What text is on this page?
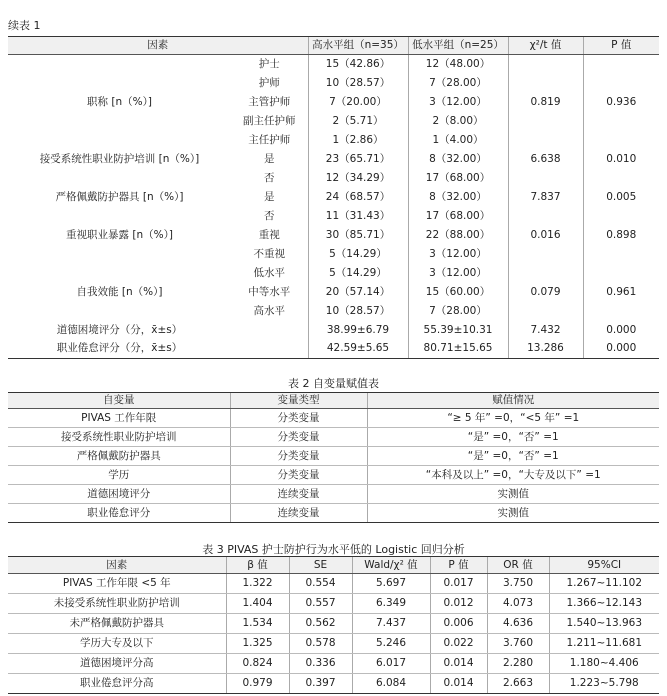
续表 1
因素		高水平组（n=35）	低水平组（n=25）	χ²/t 值	P 值
	护士	15（42.86）	12（48.00）		
	护师	10（28.57）	7（28.00）		
职称 [n（%）]	主管护师	7（20.00）	3（12.00）	0.819	0.936
	副主任护师	2（5.71）	2（8.00）		
	主任护师	1（2.86）	1（4.00）		
接受系统性职业防护培训 [n（%）]	是	23（65.71）	8（32.00）	6.638	0.010
	否	12（34.29）	17（68.00）		
严格佩戴防护器具 [n（%）]	是	24（68.57）	8（32.00）	7.837	0.005
	否	11（31.43）	17（68.00）		
重视职业暴露 [n（%）]	重视	30（85.71）	22（88.00）	0.016	0.898
	不重视	5（14.29）	3（12.00）		
	低水平	5（14.29）	3（12.00）		
自我效能 [n（%）]	中等水平	20（57.14）	15（60.00）	0.079	0.961
	高水平	10（28.57）	7（28.00）		
道德困境评分（分，x̄±s）		38.99±6.79	55.39±10.31	7.432	0.000
职业倦怠评分（分，x̄±s）		42.59±5.65	80.71±15.65	13.286	0.000
表 2 自变量赋值表
自变量	变量类型	赋值情况
PIVAS 工作年限	分类变量	“≥ 5 年” =0，“<5 年” =1
接受系统性职业防护培训	分类变量	“是” =0，“否” =1
严格佩戴防护器具	分类变量	“是” =0，“否” =1
学历	分类变量	“本科及以上” =0，“大专及以下” =1
道德困境评分	连续变量	实测值
职业倦怠评分	连续变量	实测值
表 3 PIVAS 护士防护行为水平低的 Logistic 回归分析
因素	β 值	SE	Wald/χ² 值	P 值	OR 值	95%CI
PIVAS 工作年限 <5 年	1.322	0.554	5.697	0.017	3.750	1.267~11.102
未接受系统性职业防护培训	1.404	0.557	6.349	0.012	4.073	1.366~12.143
未严格佩戴防护器具	1.534	0.562	7.437	0.006	4.636	1.540~13.963
学历大专及以下	1.325	0.578	5.246	0.022	3.760	1.211~11.681
道德困境评分高	0.824	0.336	6.017	0.014	2.280	1.180~4.406
职业倦怠评分高	0.979	0.397	6.084	0.014	2.663	1.223~5.798
